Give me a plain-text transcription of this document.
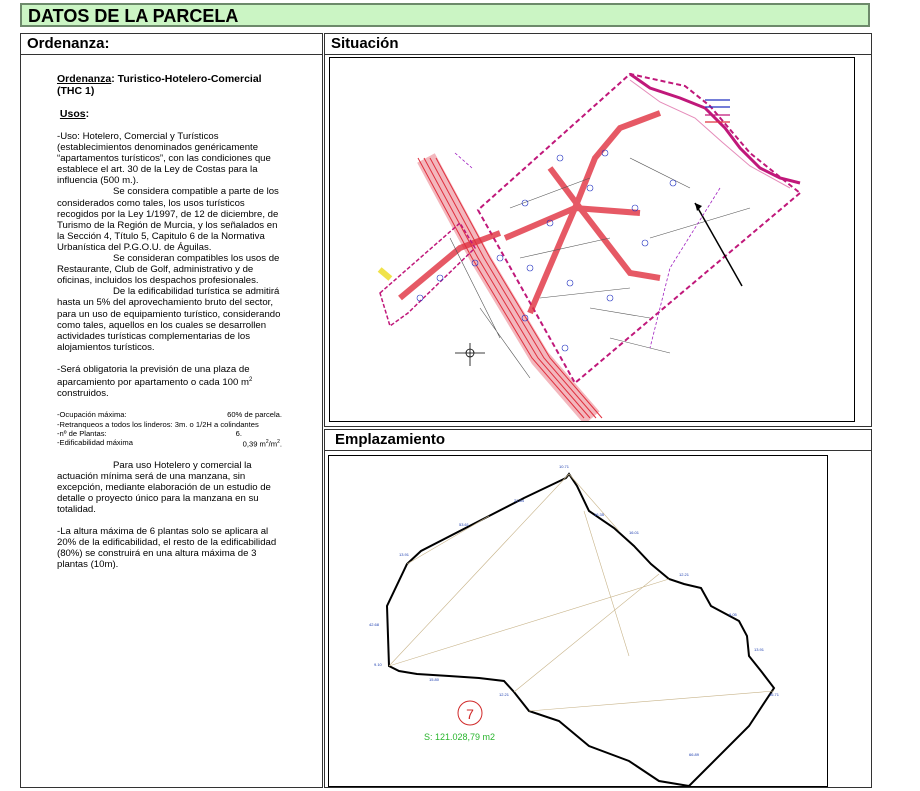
DATOS DE LA PARCELA
Ordenanza:

Ordenanza: Turistico-Hotelero-Comercial (THC 1)

Usos:

-Uso: Hotelero, Comercial y Turísticos (establecimientos denominados genéricamente “apartamentos turísticos”, con las condiciones que establece el art. 30 de la Ley de Costas para la influencia (500 m.).

Se considera compatible a parte de los considerados como tales, los usos turísticos recogidos por la Ley 1/1997, de 12 de diciembre, de Turismo de la Región de Murcia, y los señalados en la Sección 4, Título 5, Capitulo 6 de la Normativa Urbanística del P.G.O.U. de Águilas.

Se consideran compatibles los usos de Restaurante, Club de Golf, administrativo y de oficinas, incluidos los despachos profesionales.

De la edificabilidad turística se admitirá hasta un 5% del aprovechamiento bruto del sector, para un uso de equipamiento turístico, considerando como tales, aquellos en los cuales se desarrollen actividades turísticas complementarias de los alojamientos turísticos.

-Será obligatoria la previsión de una plaza de aparcamiento por apartamento o cada 100 $m^2$ construidos.

-Ocupación máxima:	60% de parcela.
-Retranqueos a todos los linderos: 3m. o 1/2H a colindantes
-nº de Plantas:	6.
-Edificabilidad máxima	0,39 $m^2/m^2$.

Para uso Hotelero y comercial la actuación mínima será de una manzana, sin excepción, mediante elaboración de un estudio de detalle o proyecto único para la manzana en su totalidad.

-La altura máxima de 6 plantas solo se aplicara al 20% de la edificabilidad, el resto de la edificabilidad (80%) se construirá en una altura máxima de 3 plantas (10m).

Situación
Emplazamiento
10.71
16.35
16.01
12.21
8.05
13.91
16.71
66.89
13.91
42.68
9.10
15.80
53.61
21.64
12.21
7
S: 121.028,79 m2
